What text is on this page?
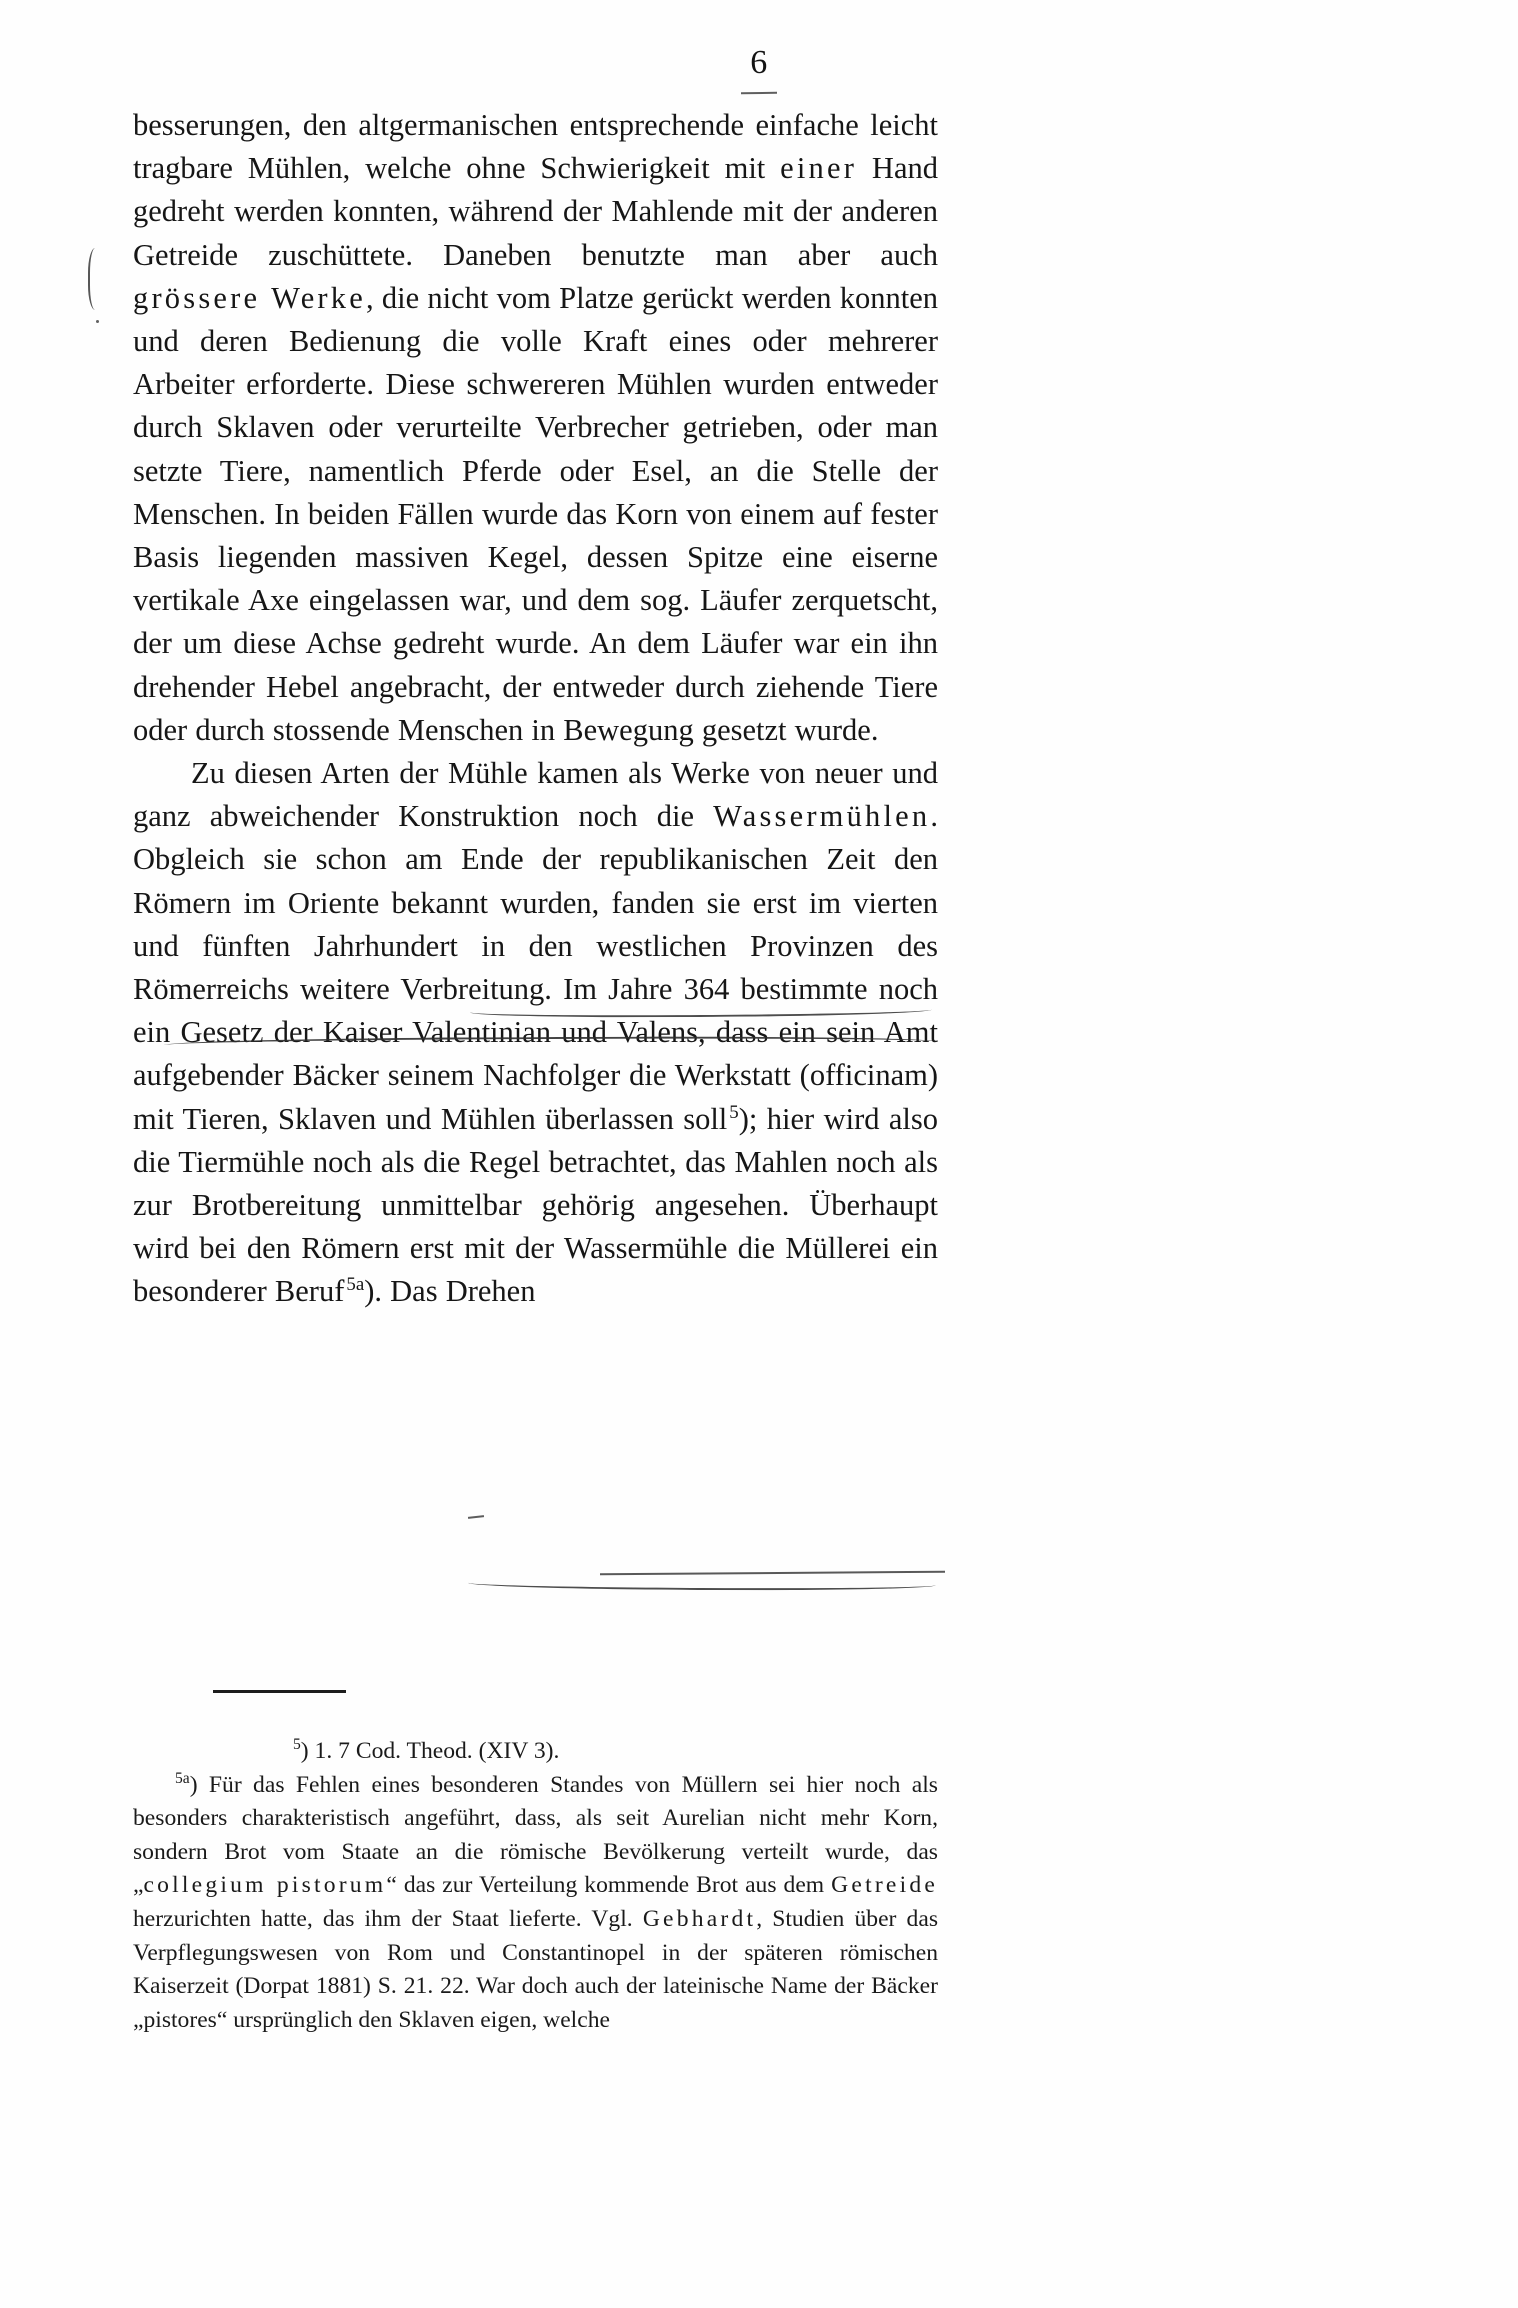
6

besserungen, den altgermanischen entsprechende einfache leicht tragbare Mühlen, welche ohne Schwierigkeit mit einer Hand gedreht werden konnten, während der Mahlende mit der anderen Getreide zuschüttete. Daneben benutzte man aber auch grössere Werke, die nicht vom Platze gerückt werden konnten und deren Bedienung die volle Kraft eines oder mehrerer Arbeiter erforderte. Diese schwereren Mühlen wurden entweder durch Sklaven oder verurteilte Verbrecher getrieben, oder man setzte Tiere, namentlich Pferde oder Esel, an die Stelle der Menschen. In beiden Fällen wurde das Korn von einem auf fester Basis liegenden massiven Kegel, dessen Spitze eine eiserne vertikale Axe eingelassen war, und dem sog. Läufer zerquetscht, der um diese Achse gedreht wurde. An dem Läufer war ein ihn drehender Hebel angebracht, der entweder durch ziehende Tiere oder durch stossende Menschen in Bewegung gesetzt wurde.

Zu diesen Arten der Mühle kamen als Werke von neuer und ganz abweichender Konstruktion noch die Wassermühlen. Obgleich sie schon am Ende der republikanischen Zeit den Römern im Oriente bekannt wurden, fanden sie erst im vierten und fünften Jahrhundert in den westlichen Provinzen des Römerreichs weitere Verbreitung. Im Jahre 364 bestimmte noch ein Gesetz der Kaiser Valentinian und Valens, dass ein sein Amt aufgebender Bäcker seinem Nachfolger die Werkstatt (officinam) mit Tieren, Sklaven und Mühlen überlassen soll $^5$); hier wird also die Tiermühle noch als die Regel betrachtet, das Mahlen noch als zur Brotbereitung unmittelbar gehörig angesehen. Überhaupt wird bei den Römern erst mit der Wassermühle die Müllerei ein besonderer Beruf $^{5a}$). Das Drehen

$^5$) 1. 7 Cod. Theod. (XIV 3).

$^{5a}$) Für das Fehlen eines besonderen Standes von Müllern sei hier noch als besonders charakteristisch angeführt, dass, als seit Aurelian nicht mehr Korn, sondern Brot vom Staate an die römische Bevölkerung verteilt wurde, das „collegium pistorum“ das zur Verteilung kommende Brot aus dem Getreide herzurichten hatte, das ihm der Staat lieferte. Vgl. Gebhardt, Studien über das Verpflegungswesen von Rom und Constantinopel in der späteren römischen Kaiserzeit (Dorpat 1881) S. 21. 22. War doch auch der lateinische Name der Bäcker „pistores“ ursprünglich den Sklaven eigen, welche
